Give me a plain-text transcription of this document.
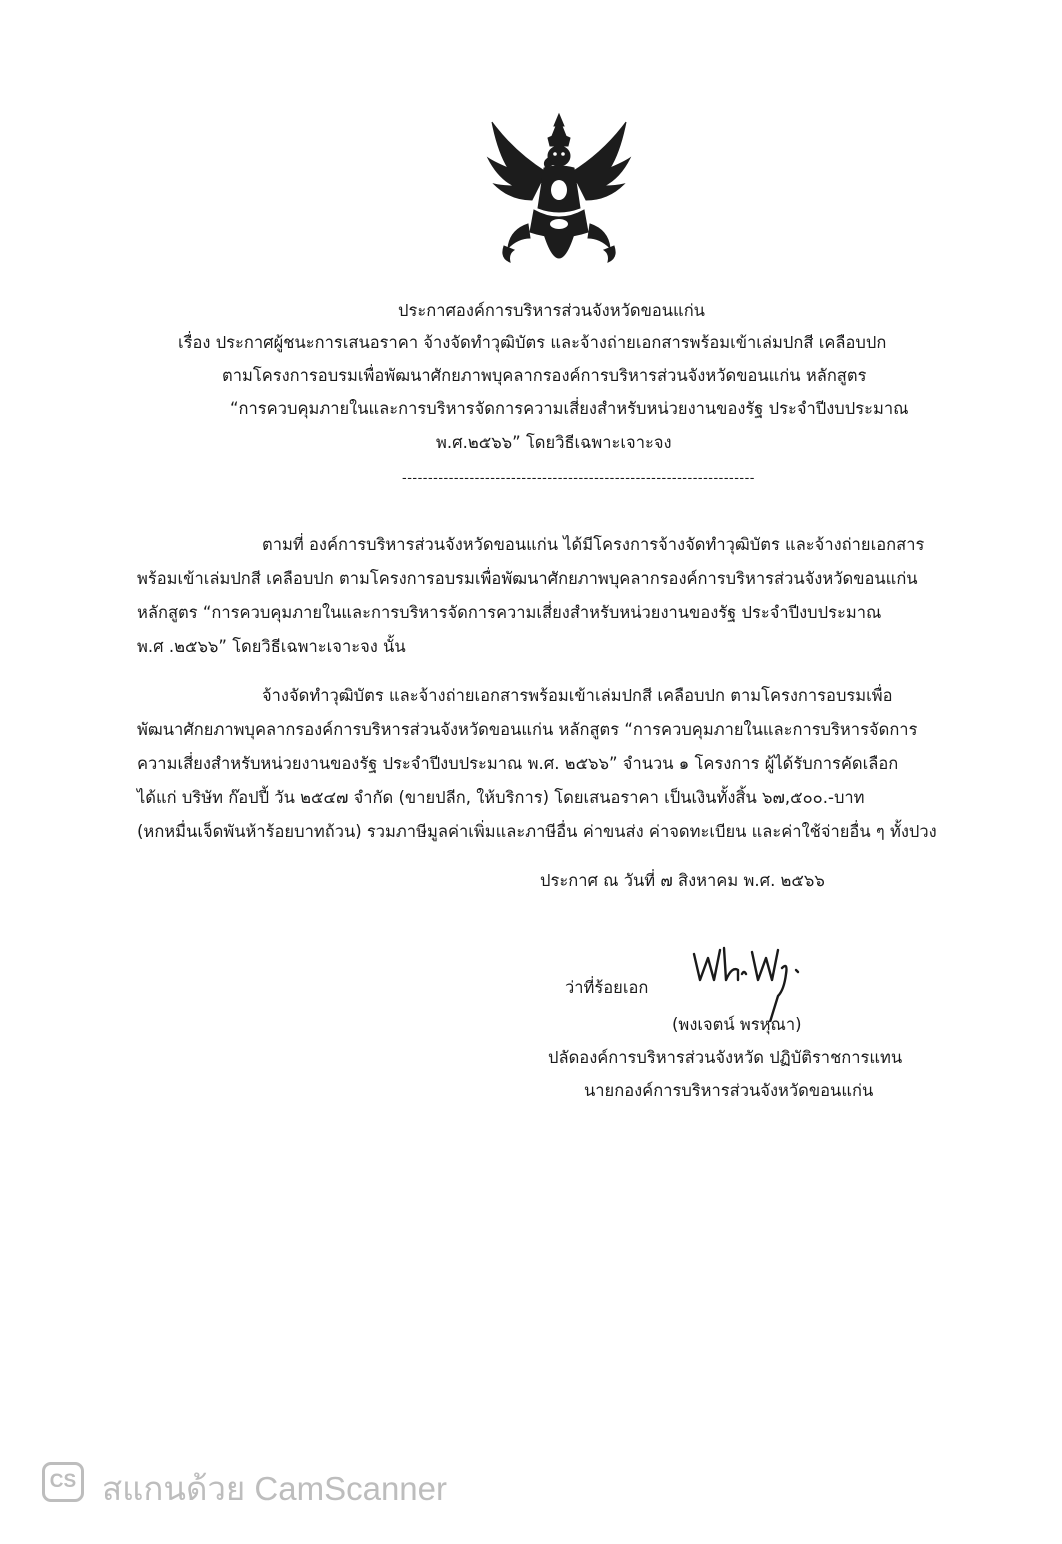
ประกาศองค์การบริหารส่วนจังหวัดขอนแก่น
เรื่อง ประกาศผู้ชนะการเสนอราคา จ้างจัดทำวุฒิบัตร และจ้างถ่ายเอกสารพร้อมเข้าเล่มปกสี เคลือบปก
ตามโครงการอบรมเพื่อพัฒนาศักยภาพบุคลากรองค์การบริหารส่วนจังหวัดขอนแก่น หลักสูตร
“การควบคุมภายในและการบริหารจัดการความเสี่ยงสำหรับหน่วยงานของรัฐ ประจำปีงบประมาณ
พ.ศ.๒๕๖๖” โดยวิธีเฉพาะเจาะจง
--------------------------------------------------------------------
ตามที่ องค์การบริหารส่วนจังหวัดขอนแก่น ได้มีโครงการจ้างจัดทำวุฒิบัตร และจ้างถ่ายเอกสาร
พร้อมเข้าเล่มปกสี เคลือบปก ตามโครงการอบรมเพื่อพัฒนาศักยภาพบุคลากรองค์การบริหารส่วนจังหวัดขอนแก่น
หลักสูตร “การควบคุมภายในและการบริหารจัดการความเสี่ยงสำหรับหน่วยงานของรัฐ ประจำปีงบประมาณ
พ.ศ .๒๕๖๖” โดยวิธีเฉพาะเจาะจง นั้น
จ้างจัดทำวุฒิบัตร และจ้างถ่ายเอกสารพร้อมเข้าเล่มปกสี เคลือบปก ตามโครงการอบรมเพื่อ
พัฒนาศักยภาพบุคลากรองค์การบริหารส่วนจังหวัดขอนแก่น หลักสูตร “การควบคุมภายในและการบริหารจัดการ
ความเสี่ยงสำหรับหน่วยงานของรัฐ ประจำปีงบประมาณ พ.ศ. ๒๕๖๖” จำนวน ๑ โครงการ ผู้ได้รับการคัดเลือก
ได้แก่ บริษัท ก๊อปปี้ วัน ๒๕๔๗ จำกัด (ขายปลีก, ให้บริการ) โดยเสนอราคา เป็นเงินทั้งสิ้น ๖๗,๕๐๐.-บาท
(หกหมื่นเจ็ดพันห้าร้อยบาทถ้วน) รวมภาษีมูลค่าเพิ่มและภาษีอื่น ค่าขนส่ง ค่าจดทะเบียน และค่าใช้จ่ายอื่น ๆ ทั้งปวง
ประกาศ ณ วันที่ ๗ สิงหาคม พ.ศ. ๒๕๖๖
ว่าที่ร้อยเอก
(พงเจตน์ พรหุณา)
ปลัดองค์การบริหารส่วนจังหวัด ปฏิบัติราชการแทน
นายกองค์การบริหารส่วนจังหวัดขอนแก่น
CS สแกนด้วย CamScanner
